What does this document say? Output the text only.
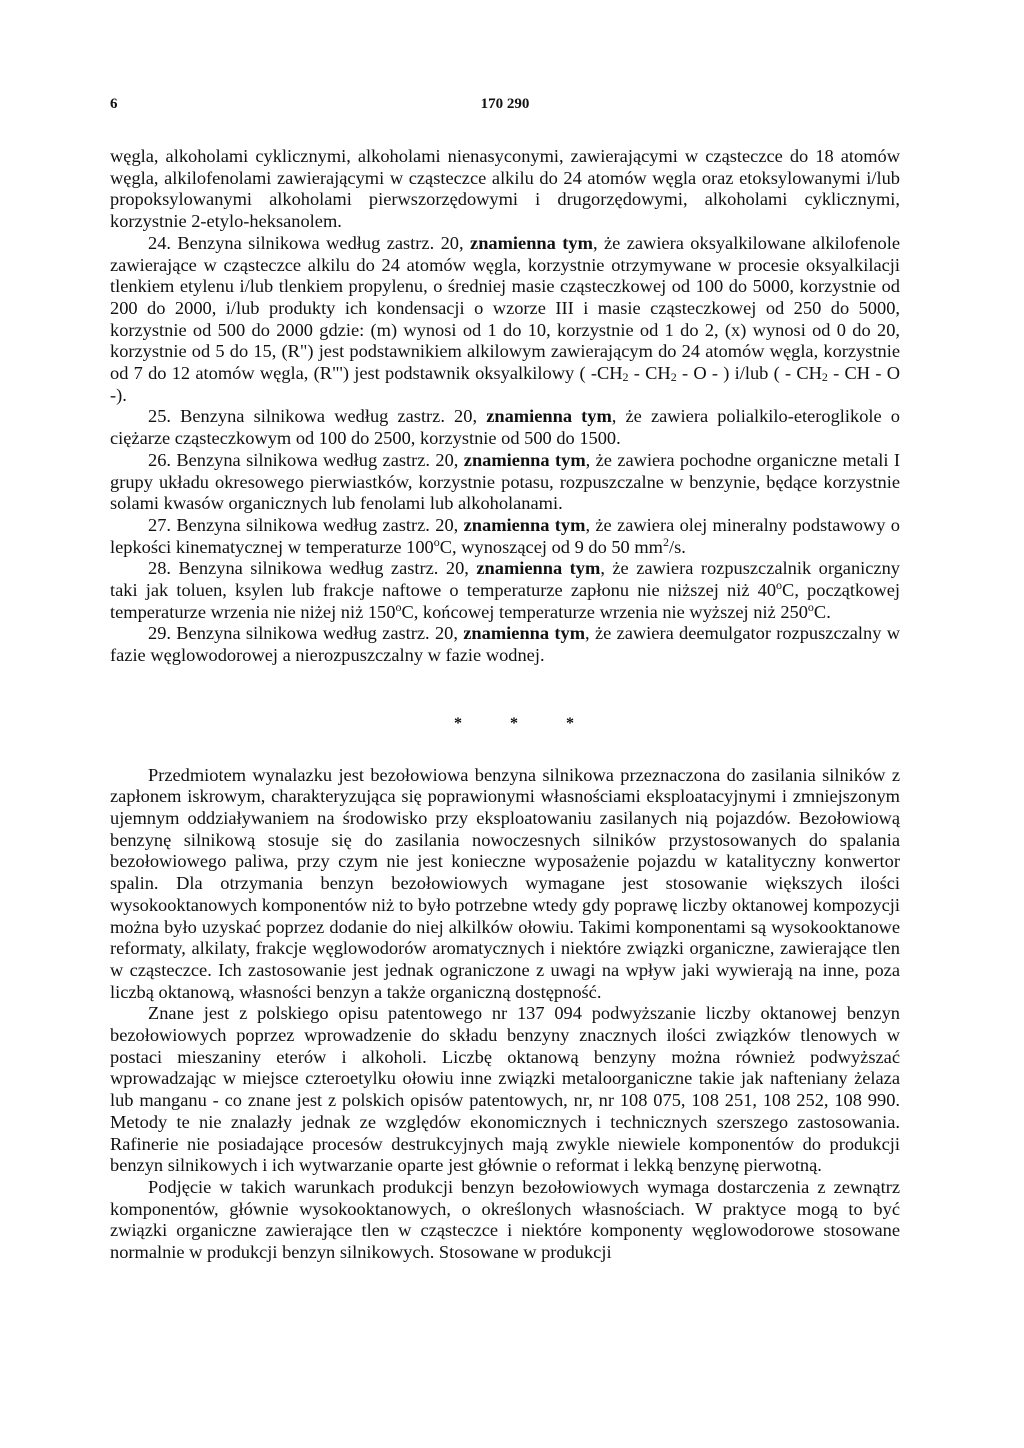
6	170 290

węgla, alkoholami cyklicznymi, alkoholami nienasyconymi, zawierającymi w cząsteczce do 18 atomów węgla, alkilofenolami zawierającymi w cząsteczce alkilu do 24 atomów węgla oraz etoksylowanymi i/lub propoksylowanymi alkoholami pierwszorzędowymi i drugorzędowymi, alkoholami cyklicznymi, korzystnie 2-etylo-heksanolem.

24. Benzyna silnikowa według zastrz. 20, znamienna tym, że zawiera oksyalkilowane alkilofenole zawierające w cząsteczce alkilu do 24 atomów węgla, korzystnie otrzymywane w procesie oksyalkilacji tlenkiem etylenu i/lub tlenkiem propylenu, o średniej masie cząsteczkowej od 100 do 5000, korzystnie od 200 do 2000, i/lub produkty ich kondensacji o wzorze III i masie cząsteczkowej od 250 do 5000, korzystnie od 500 do 2000 gdzie: (m) wynosi od 1 do 10, korzystnie od 1 do 2, (x) wynosi od 0 do 20, korzystnie od 5 do 15, (R") jest podstawnikiem alkilowym zawierającym do 24 atomów węgla, korzystnie od 7 do 12 atomów węgla, (R"') jest podstawnik oksyalkilowy ( $-CH_2 - CH_2$ - O - ) i/lub ( - $CH_2$ - CH - O -).

25. Benzyna silnikowa według zastrz. 20, znamienna tym, że zawiera polialkilo-eteroglikole o ciężarze cząsteczkowym od 100 do 2500, korzystnie od 500 do 1500.

26. Benzyna silnikowa według zastrz. 20, znamienna tym, że zawiera pochodne organiczne metali I grupy układu okresowego pierwiastków, korzystnie potasu, rozpuszczalne w benzynie, będące korzystnie solami kwasów organicznych lub fenolami lub alkoholanami.

27. Benzyna silnikowa według zastrz. 20, znamienna tym, że zawiera olej mineralny podstawowy o lepkości kinematycznej w temperaturze 100$^o$C, wynoszącej od 9 do 50 $mm^2/s$.

28. Benzyna silnikowa według zastrz. 20, znamienna tym, że zawiera rozpuszczalnik organiczny taki jak toluen, ksylen lub frakcje naftowe o temperaturze zapłonu nie niższej niż 40$^o$C, początkowej temperaturze wrzenia nie niżej niż 150$^o$C, końcowej temperaturze wrzenia nie wyższej niż 250$^o$C.

29. Benzyna silnikowa według zastrz. 20, znamienna tym, że zawiera deemulgator rozpuszczalny w fazie węglowodorowej a nierozpuszczalny w fazie wodnej.

* * *

Przedmiotem wynalazku jest bezołowiowa benzyna silnikowa przeznaczona do zasilania silników z zapłonem iskrowym, charakteryzująca się poprawionymi własnościami eksploatacyjnymi i zmniejszonym ujemnym oddziaływaniem na środowisko przy eksploatowaniu zasilanych nią pojazdów. Bezołowiową benzynę silnikową stosuje się do zasilania nowoczesnych silników przystosowanych do spalania bezołowiowego paliwa, przy czym nie jest konieczne wyposażenie pojazdu w katalityczny konwertor spalin. Dla otrzymania benzyn bezołowiowych wymagane jest stosowanie większych ilości wysokooktanowych komponentów niż to było potrzebne wtedy gdy poprawę liczby oktanowej kompozycji można było uzyskać poprzez dodanie do niej alkilków ołowiu. Takimi komponentami są wysokooktanowe reformaty, alkilaty, frakcje węglowodorów aromatycznych i niektóre związki organiczne, zawierające tlen w cząsteczce. Ich zastosowanie jest jednak ograniczone z uwagi na wpływ jaki wywierają na inne, poza liczbą oktanową, własności benzyn a także organiczną dostępność.

Znane jest z polskiego opisu patentowego nr 137 094 podwyższanie liczby oktanowej benzyn bezołowiowych poprzez wprowadzenie do składu benzyny znacznych ilości związków tlenowych w postaci mieszaniny eterów i alkoholi. Liczbę oktanową benzyny można również podwyższać wprowadzając w miejsce czteroetylku ołowiu inne związki metaloorganiczne takie jak nafteniany żelaza lub manganu - co znane jest z polskich opisów patentowych, nr, nr 108 075, 108 251, 108 252, 108 990. Metody te nie znalazły jednak ze względów ekonomicznych i technicznych szerszego zastosowania. Rafinerie nie posiadające procesów destrukcyjnych mają zwykle niewiele komponentów do produkcji benzyn silnikowych i ich wytwarzanie oparte jest głównie o reformat i lekką benzynę pierwotną.

Podjęcie w takich warunkach produkcji benzyn bezołowiowych wymaga dostarczenia z zewnątrz komponentów, głównie wysokooktanowych, o określonych własnościach. W praktyce mogą to być związki organiczne zawierające tlen w cząsteczce i niektóre komponenty węglowodorowe stosowane normalnie w produkcji benzyn silnikowych. Stosowane w produkcji
